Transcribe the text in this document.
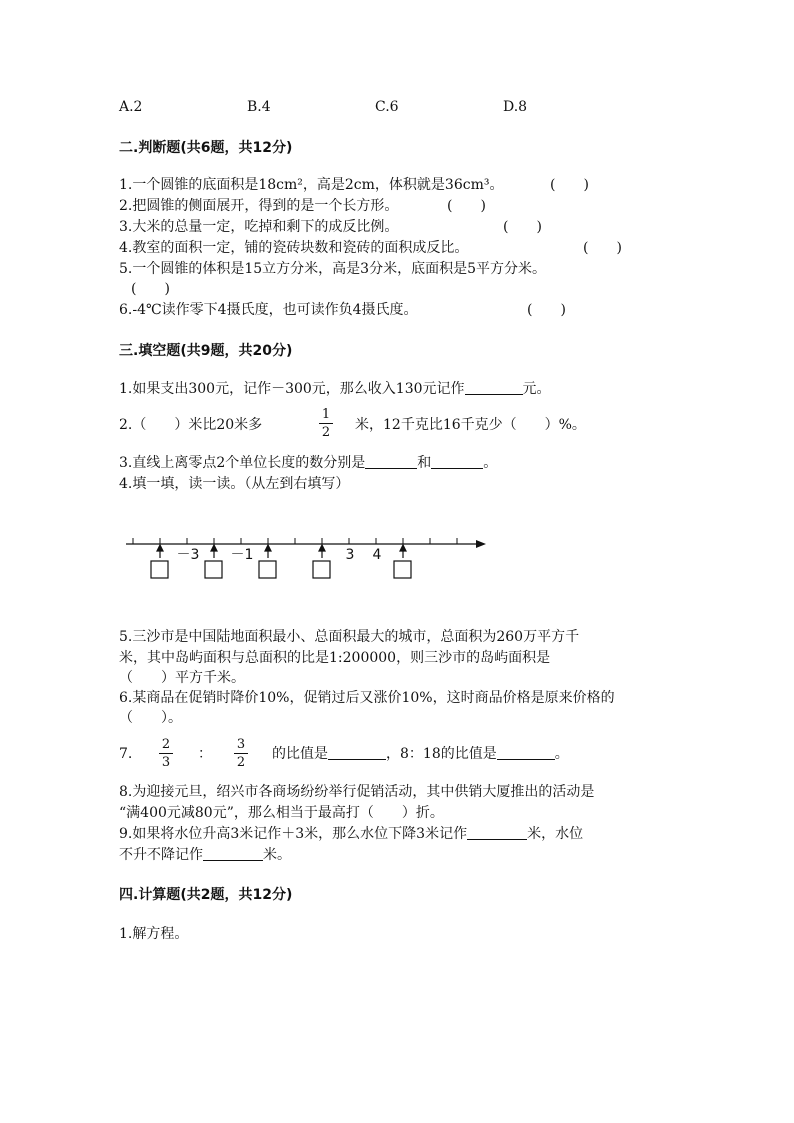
A.2	B.4	C.6	D.8
二.判断题(共6题，共12分)
1.一个圆锥的底面积是18cm²，高是2cm，体积就是36cm³。	(　　)
2.把圆锥的侧面展开，得到的是一个长方形。	(　　)
3.大米的总量一定，吃掉和剩下的成反比例。	(　　)
4.教室的面积一定，铺的瓷砖块数和瓷砖的面积成反比。	(　　)
5.一个圆锥的体积是15立方分米，高是3分米，底面积是5平方分米。
(　　)
6.-4℃读作零下4摄氏度，也可读作负4摄氏度。	(　　)
三.填空题(共9题，共20分)
1.如果支出300元，记作－300元，那么收入130元记作	元。
2.（　　）米比20米多
1
2 米，12千克比16千克少（　　）%。
3.直线上离零点2个单位长度的数分别是	和	。
4.填一填，读一读。（从左到右填写）
－3 －1	3 4
5.三沙市是中国陆地面积最小、总面积最大的城市，总面积为260万平方千
米，其中岛屿面积与总面积的比是1:200000，则三沙市的岛屿面积是
（　　）平方千米。
6.某商品在促销时降价10%，促销过后又涨价10%，这时商品价格是原来价格的
（　　）。
7.
2
3
：
3
2
的比值是	，8：18的比值是	。
8.为迎接元旦，绍兴市各商场纷纷举行促销活动，其中供销大厦推出的活动是
“满400元减80元”，那么相当于最高打（　　）折。
9.如果将水位升高3米记作＋3米，那么水位下降3米记作	米，水位
不升不降记作	米。
四.计算题(共2题，共12分)
1.解方程。
